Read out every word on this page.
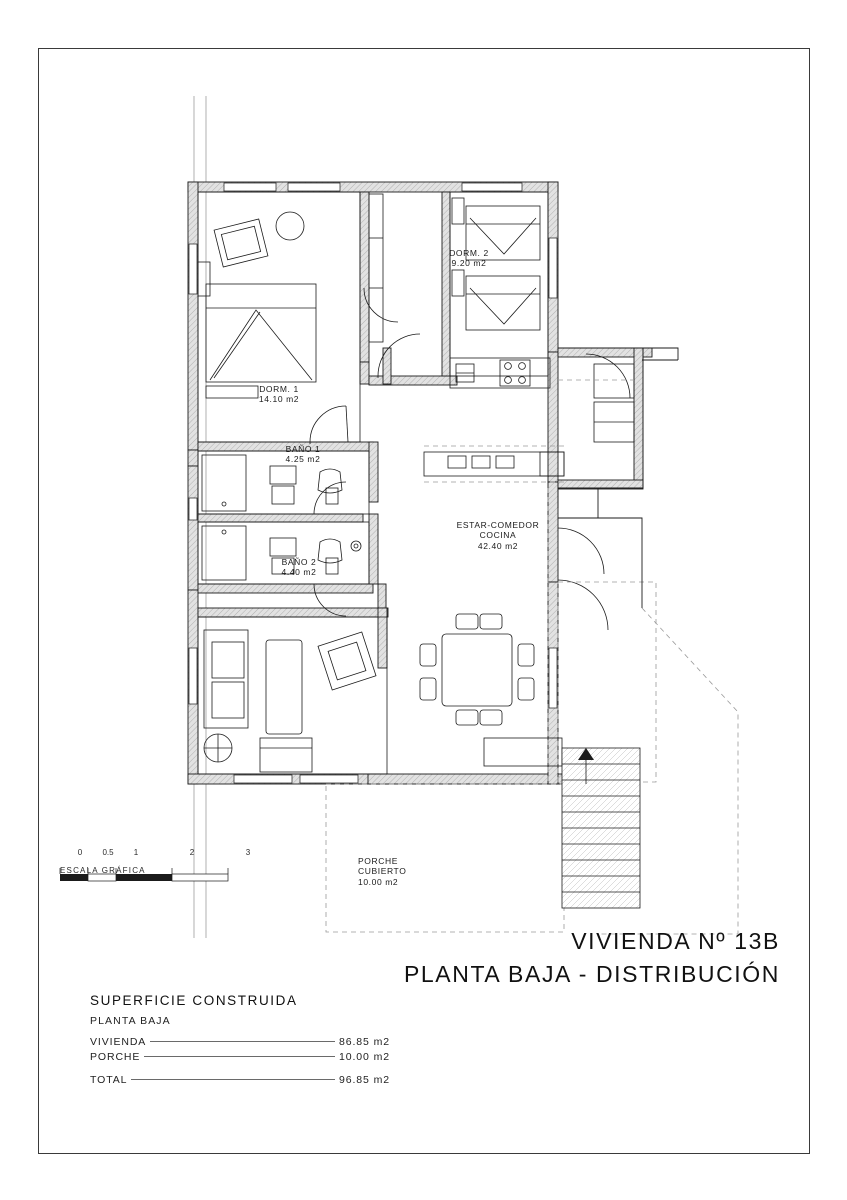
DORM. 2
9.20 m2
DORM. 1
14.10 m2
BAÑO 1
4.25 m2
BAÑO 2
4.40 m2
ESTAR-COMEDOR
COCINA
42.40 m2
PORCHE
CUBIERTO
10.00 m2
0	0.5	1	2	3
ESCALA GRÁFICA
VIVIENDA Nº 13B
PLANTA BAJA - DISTRIBUCIÓN
SUPERFICIE CONSTRUIDA
PLANTA BAJA
VIVIENDA	86.85 m2
PORCHE	10.00 m2
TOTAL	96.85 m2
